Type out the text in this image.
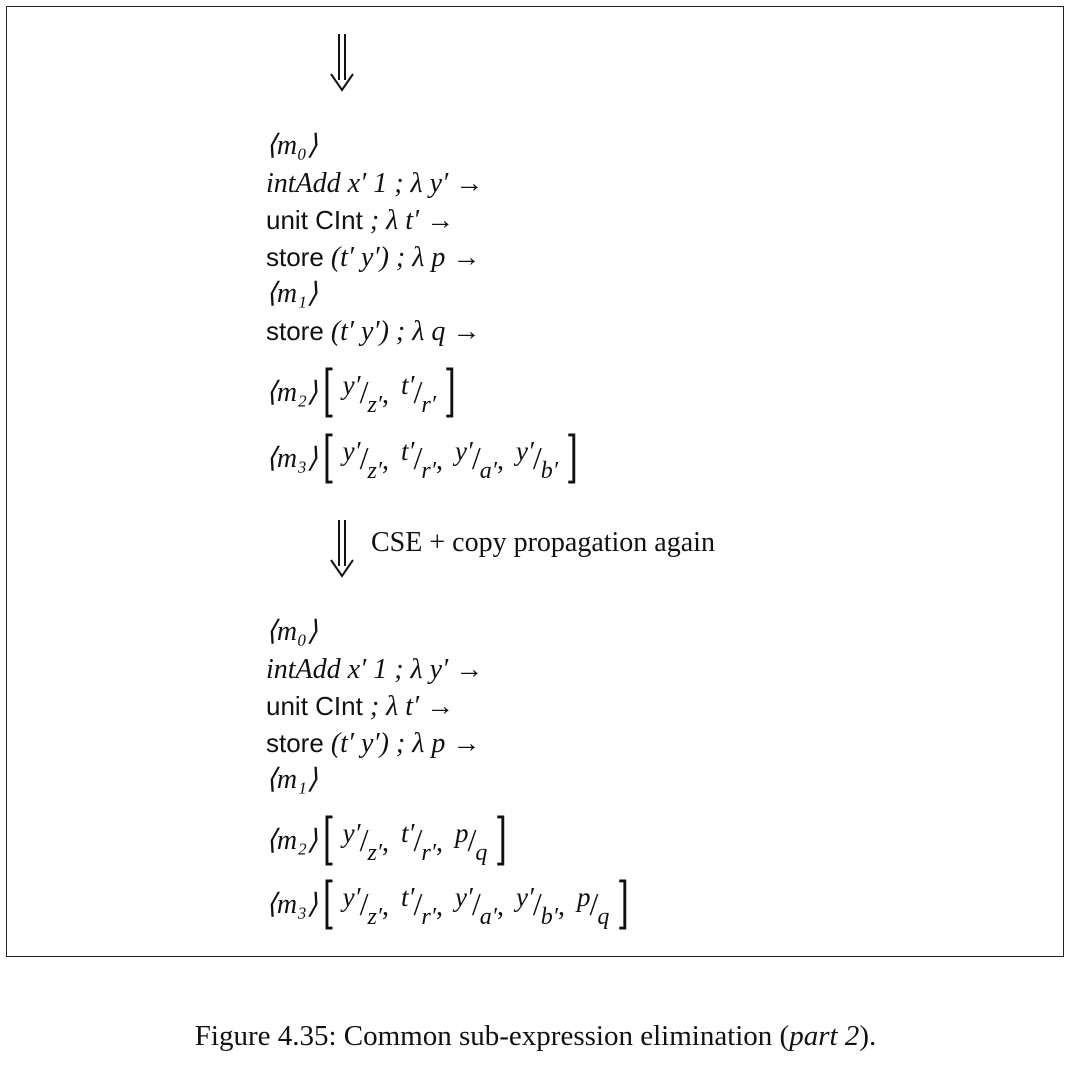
⟨m₀⟩
intAdd x′ 1 ; λ y′ →
unit CInt ; λ t′ →
store (t′ y′) ; λ p →
⟨m₁⟩
store (t′ y′) ; λ q →
⟨m₂⟩ [ y′/z′, t′/r′ ]
⟨m₃⟩ [ y′/z′, t′/r′, y′/a′, y′/b′ ]
CSE + copy propagation again
⟨m₀⟩
intAdd x′ 1 ; λ y′ →
unit CInt ; λ t′ →
store (t′ y′) ; λ p →
⟨m₁⟩
⟨m₂⟩ [ y′/z′, t′/r′, p/q ]
⟨m₃⟩ [ y′/z′, t′/r′, y′/a′, y′/b′, p/q ]
Figure 4.35: Common sub-expression elimination (part 2).
